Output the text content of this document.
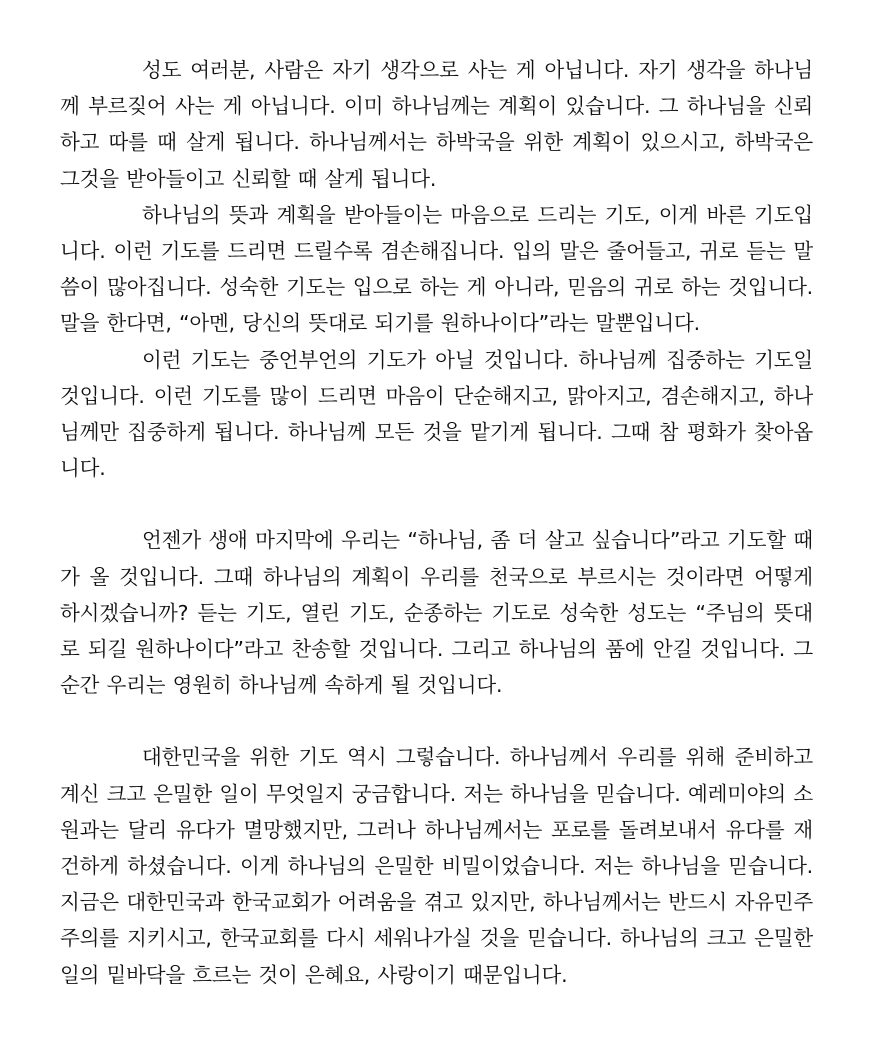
성도 여러분, 사람은 자기 생각으로 사는 게 아닙니다. 자기 생각을 하나님께 부르짖어 사는 게 아닙니다. 이미 하나님께는 계획이 있습니다. 그 하나님을 신뢰하고 따를 때 살게 됩니다. 하나님께서는 하박국을 위한 계획이 있으시고, 하박국은 그것을 받아들이고 신뢰할 때 살게 됩니다.

하나님의 뜻과 계획을 받아들이는 마음으로 드리는 기도, 이게 바른 기도입니다. 이런 기도를 드리면 드릴수록 겸손해집니다. 입의 말은 줄어들고, 귀로 듣는 말씀이 많아집니다. 성숙한 기도는 입으로 하는 게 아니라, 믿음의 귀로 하는 것입니다. 말을 한다면, “아멘, 당신의 뜻대로 되기를 원하나이다”라는 말뿐입니다.

이런 기도는 중언부언의 기도가 아닐 것입니다. 하나님께 집중하는 기도일 것입니다. 이런 기도를 많이 드리면 마음이 단순해지고, 맑아지고, 겸손해지고, 하나님께만 집중하게 됩니다. 하나님께 모든 것을 맡기게 됩니다. 그때 참 평화가 찾아옵니다.

언젠가 생애 마지막에 우리는 “하나님, 좀 더 살고 싶습니다”라고 기도할 때가 올 것입니다. 그때 하나님의 계획이 우리를 천국으로 부르시는 것이라면 어떻게 하시겠습니까? 듣는 기도, 열린 기도, 순종하는 기도로 성숙한 성도는 “주님의 뜻대로 되길 원하나이다”라고 찬송할 것입니다. 그리고 하나님의 품에 안길 것입니다. 그 순간 우리는 영원히 하나님께 속하게 될 것입니다.

대한민국을 위한 기도 역시 그렇습니다. 하나님께서 우리를 위해 준비하고 계신 크고 은밀한 일이 무엇일지 궁금합니다. 저는 하나님을 믿습니다. 예레미야의 소원과는 달리 유다가 멸망했지만, 그러나 하나님께서는 포로를 돌려보내서 유다를 재건하게 하셨습니다. 이게 하나님의 은밀한 비밀이었습니다. 저는 하나님을 믿습니다. 지금은 대한민국과 한국교회가 어려움을 겪고 있지만, 하나님께서는 반드시 자유민주주의를 지키시고, 한국교회를 다시 세워나가실 것을 믿습니다. 하나님의 크고 은밀한 일의 밑바닥을 흐르는 것이 은혜요, 사랑이기 때문입니다.
